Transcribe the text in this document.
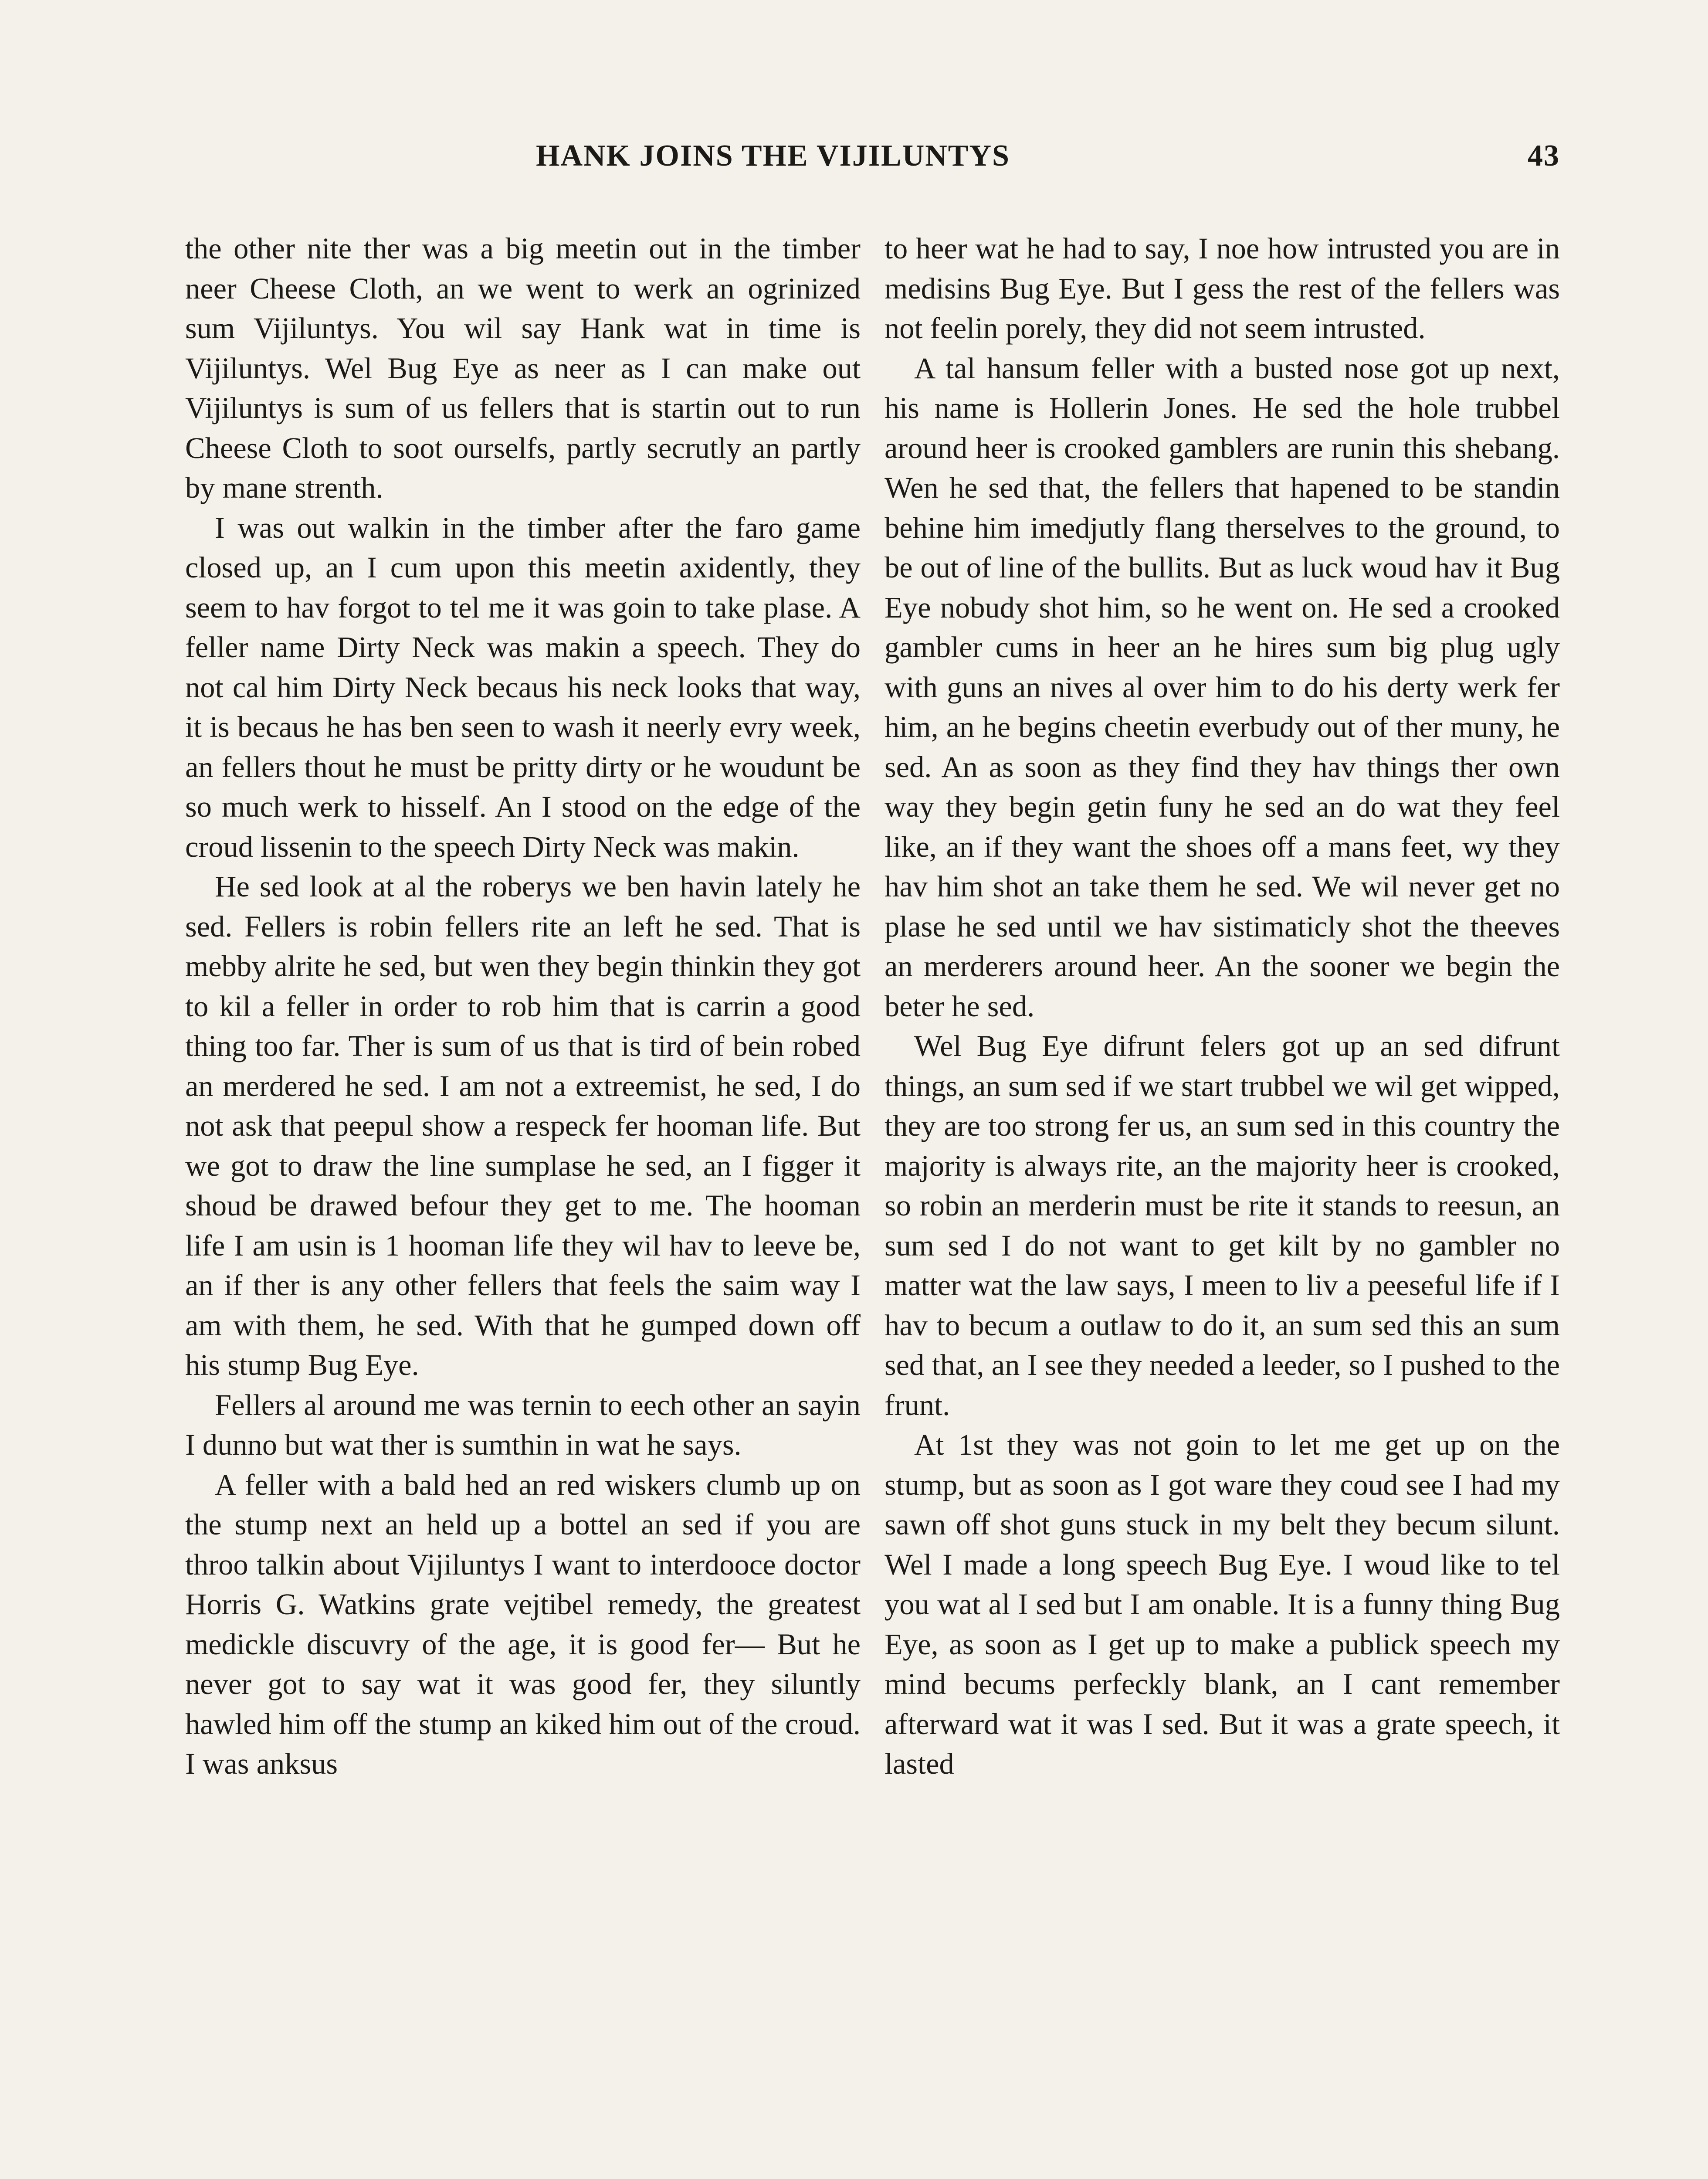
HANK JOINS THE VIJILUNTYS	43

the other nite ther was a big meetin out in the timber neer Cheese Cloth, an we went to werk an ogrinized sum Vijiluntys. You wil say Hank wat in time is Vijiluntys. Wel Bug Eye as neer as I can make out Vijiluntys is sum of us fellers that is startin out to run Cheese Cloth to soot ourselfs, partly secrutly an partly by mane strenth.

I was out walkin in the timber after the faro game closed up, an I cum upon this meetin axidently, they seem to hav forgot to tel me it was goin to take plase. A feller name Dirty Neck was makin a speech. They do not cal him Dirty Neck becaus his neck looks that way, it is becaus he has ben seen to wash it neerly evry week, an fellers thout he must be pritty dirty or he woudunt be so much werk to hisself. An I stood on the edge of the croud lissenin to the speech Dirty Neck was makin.

He sed look at al the roberys we ben havin lately he sed. Fellers is robin fellers rite an left he sed. That is mebby alrite he sed, but wen they begin thinkin they got to kil a feller in order to rob him that is carrin a good thing too far. Ther is sum of us that is tird of bein robed an merdered he sed. I am not a extreemist, he sed, I do not ask that peepul show a respeck fer hooman life. But we got to draw the line sumplase he sed, an I figger it shoud be drawed befour they get to me. The hooman life I am usin is 1 hooman life they wil hav to leeve be, an if ther is any other fellers that feels the saim way I am with them, he sed. With that he gumped down off his stump Bug Eye.

Fellers al around me was ternin to eech other an sayin I dunno but wat ther is sumthin in wat he says.

A feller with a bald hed an red wiskers clumb up on the stump next an held up a bottel an sed if you are throo talkin about Vijiluntys I want to interdooce doctor Horris G. Watkins grate vejtibel remedy, the greatest medickle discuvry of the age, it is good fer— But he never got to say wat it was good fer, they siluntly hawled him off the stump an kiked him out of the croud. I was anksus

to heer wat he had to say, I noe how intrusted you are in medisins Bug Eye. But I gess the rest of the fellers was not feelin porely, they did not seem intrusted.

A tal hansum feller with a busted nose got up next, his name is Hollerin Jones. He sed the hole trubbel around heer is crooked gamblers are runin this shebang. Wen he sed that, the fellers that hapened to be standin behine him imedjutly flang therselves to the ground, to be out of line of the bullits. But as luck woud hav it Bug Eye nobudy shot him, so he went on. He sed a crooked gambler cums in heer an he hires sum big plug ugly with guns an nives al over him to do his derty werk fer him, an he begins cheetin everbudy out of ther muny, he sed. An as soon as they find they hav things ther own way they begin getin funy he sed an do wat they feel like, an if they want the shoes off a mans feet, wy they hav him shot an take them he sed. We wil never get no plase he sed until we hav sistimaticly shot the theeves an merderers around heer. An the sooner we begin the beter he sed.

Wel Bug Eye difrunt felers got up an sed difrunt things, an sum sed if we start trubbel we wil get wipped, they are too strong fer us, an sum sed in this country the majority is always rite, an the majority heer is crooked, so robin an merderin must be rite it stands to reesun, an sum sed I do not want to get kilt by no gambler no matter wat the law says, I meen to liv a peeseful life if I hav to becum a outlaw to do it, an sum sed this an sum sed that, an I see they needed a leeder, so I pushed to the frunt.

At 1st they was not goin to let me get up on the stump, but as soon as I got ware they coud see I had my sawn off shot guns stuck in my belt they becum silunt. Wel I made a long speech Bug Eye. I woud like to tel you wat al I sed but I am onable. It is a funny thing Bug Eye, as soon as I get up to make a publick speech my mind becums perfeckly blank, an I cant remember afterward wat it was I sed. But it was a grate speech, it lasted
